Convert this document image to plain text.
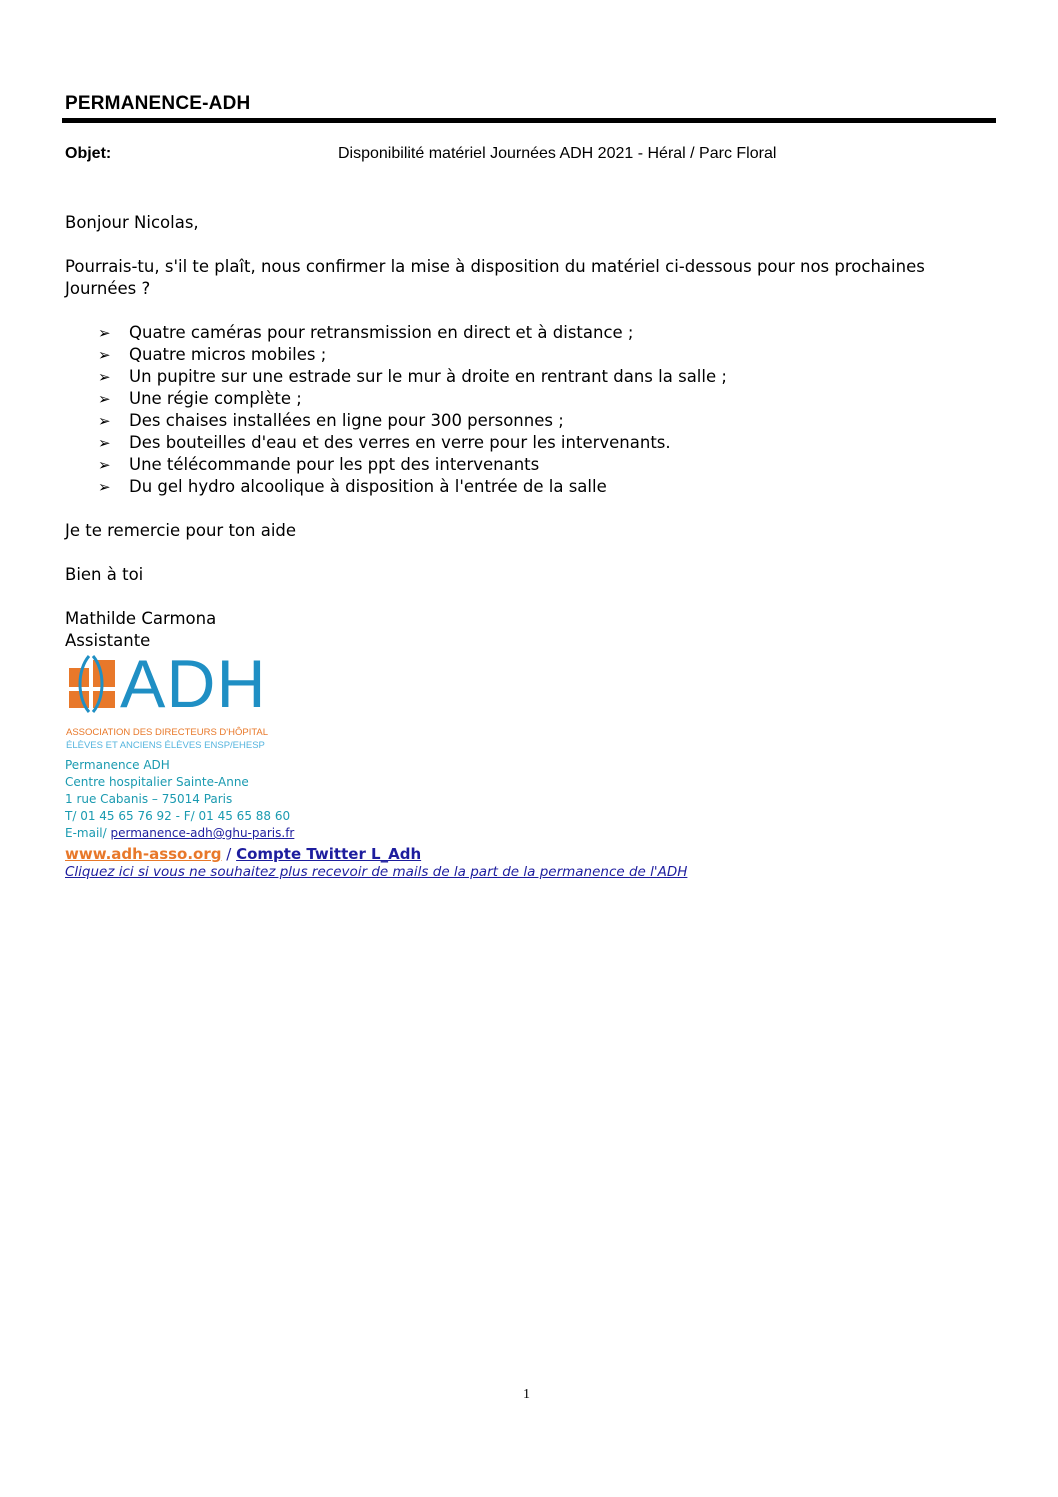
PERMANENCE-ADH
Objet:	Disponibilité matériel Journées ADH 2021 - Héral / Parc Floral

Bonjour Nicolas,

Pourrais-tu, s'il te plaît, nous confirmer la mise à disposition du matériel ci-dessous pour nos prochaines Journées ?

➢ Quatre caméras pour retransmission en direct et à distance ;
➢ Quatre micros mobiles ;
➢ Un pupitre sur une estrade sur le mur à droite en rentrant dans la salle ;
➢ Une régie complète ;
➢ Des chaises installées en ligne pour 300 personnes ;
➢ Des bouteilles d'eau et des verres en verre pour les intervenants.
➢ Une télécommande pour les ppt des intervenants
➢ Du gel hydro alcoolique à disposition à l'entrée de la salle

Je te remercie pour ton aide

Bien à toi

Mathilde Carmona

Assistante

ADH
ASSOCIATION DES DIRECTEURS D'HÔPITAL
ÉLÈVES ET ANCIENS ÉLÈVES ENSP/EHESP
Permanence ADH
Centre hospitalier Sainte-Anne
1 rue Cabanis – 75014 Paris
T/ 01 45 65 76 92 - F/ 01 45 65 88 60
E-mail/ permanence-adh@ghu-paris.fr
www.adh-asso.org / Compte Twitter L_Adh
Cliquez ici si vous ne souhaitez plus recevoir de mails de la part de la permanence de l'ADH
1
